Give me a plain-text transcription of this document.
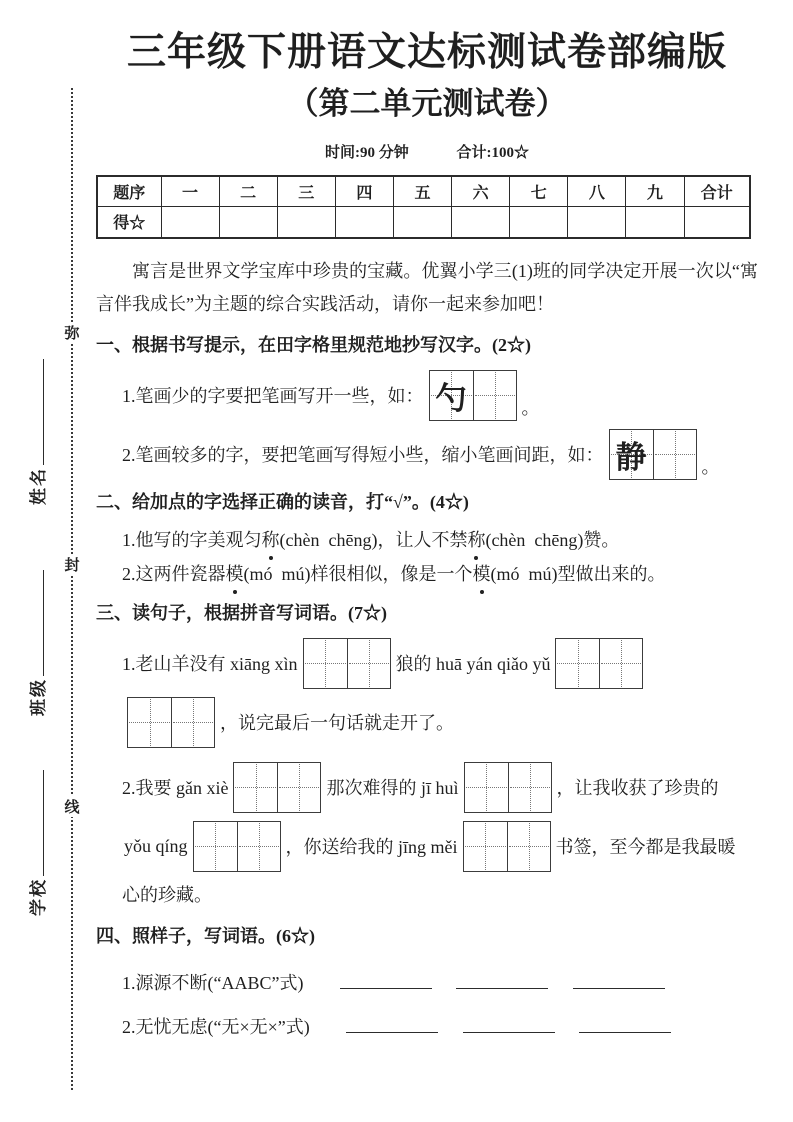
弥
封
线
姓名
班级
学校
三年级下册语文达标测试卷部编版
（第二单元测试卷）
时间:90 分钟	合计:100☆
题序	一	二	三	四	五	六	七	八	九	合计
得☆										

寓言是世界文学宝库中珍贵的宝藏。优翼小学三(1)班的同学决定开展一次以“寓言伴我成长”为主题的综合实践活动，请你一起来参加吧！

一、根据书写提示，在田字格里规范地抄写汉字。(2☆)
1.笔画少的字要把笔画写开一些，如： 勺	。
2.笔画较多的字，要把笔画写得短小些，缩小笔画间距，如： 静	。
二、给加点的字选择正确的读音，打“√”。(4☆)

1.他写的字美观匀称(chèn  chēng)，让人不禁称(chèn  chēng)赞。

2.这两件瓷器模(mó  mú)样很相似，像是一个模(mó  mú)型做出来的。

三、读句子，根据拼音写词语。(7☆)
1.老山羊没有 xiāng xìn	狼的 huā yán qiǎo yǔ
，说完最后一句话就走开了。
2.我要 gǎn xiè	那次难得的 jī huì	，让我收获了珍贵的
yǒu qíng	，你送给我的 jīng měi	书签，至今都是我最暖

心的珍藏。

四、照样子，写词语。(6☆)
1.源源不断(“AABC”式)
2.无忧无虑(“无×无×”式)
